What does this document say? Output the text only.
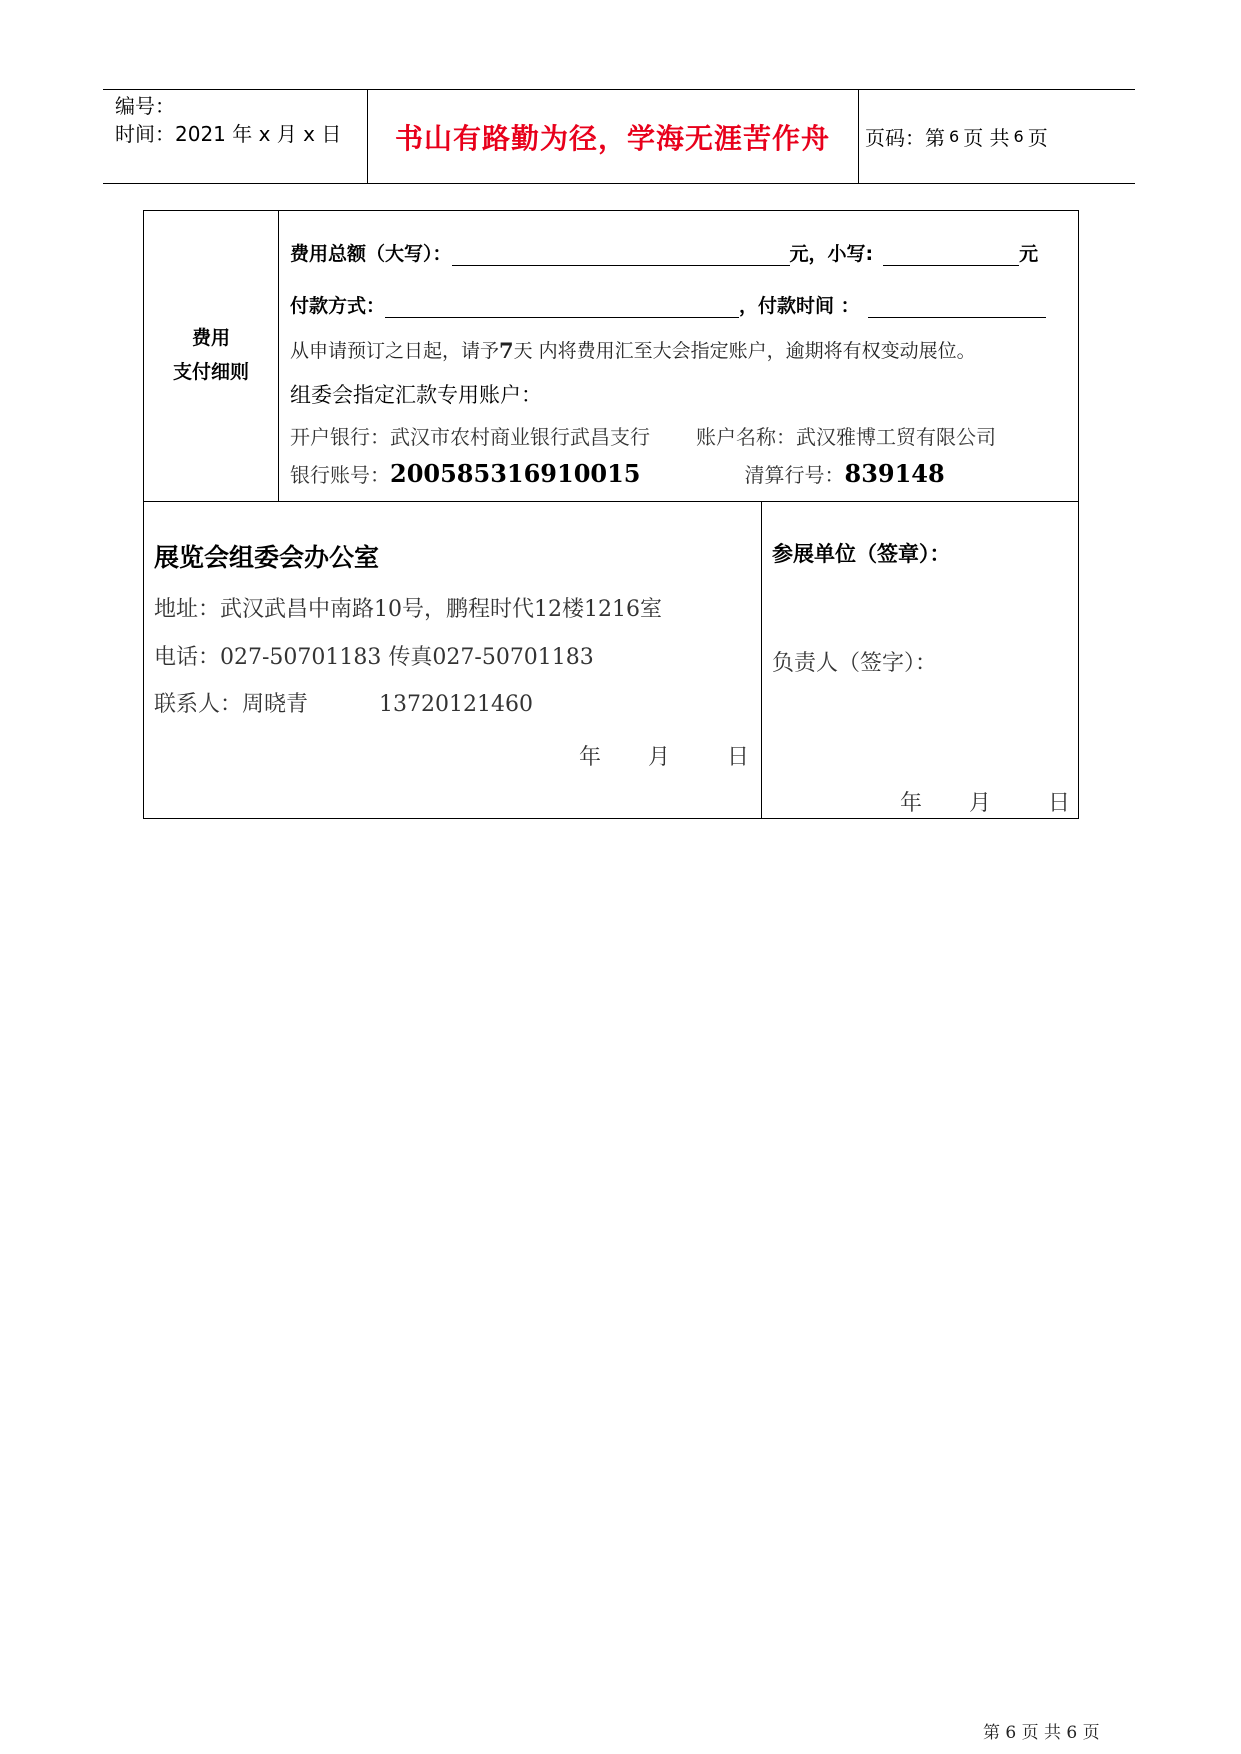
编号：
时间：2021 年 x 月 x 日	书山有路勤为径，学海无涯苦作舟	页码：第 6 页 共 6 页
费用
支付细则
费用总额（大写）：	元，小写:	元
付款方式：	，付款时间 ：
从申请预订之日起，请予 7 天 内将费用汇至大会指定账户，逾期将有权变动展位。
组委会指定汇款专用账户：
开户银行：武汉市农村商业银行武昌支行 账户名称：武汉雅博工贸有限公司
银行账号： 200585316910015	清算行号： 839148
展览会组委会办公室
地址：武汉武昌中南路10号，鹏程时代12楼1216室
电话：027-50701183 传真027-50701183
联系人：周晓青	13720121460
年 月	日
参展单位（签章）：
负责人（签字）：
年 月	日
第 6 页 共 6 页
